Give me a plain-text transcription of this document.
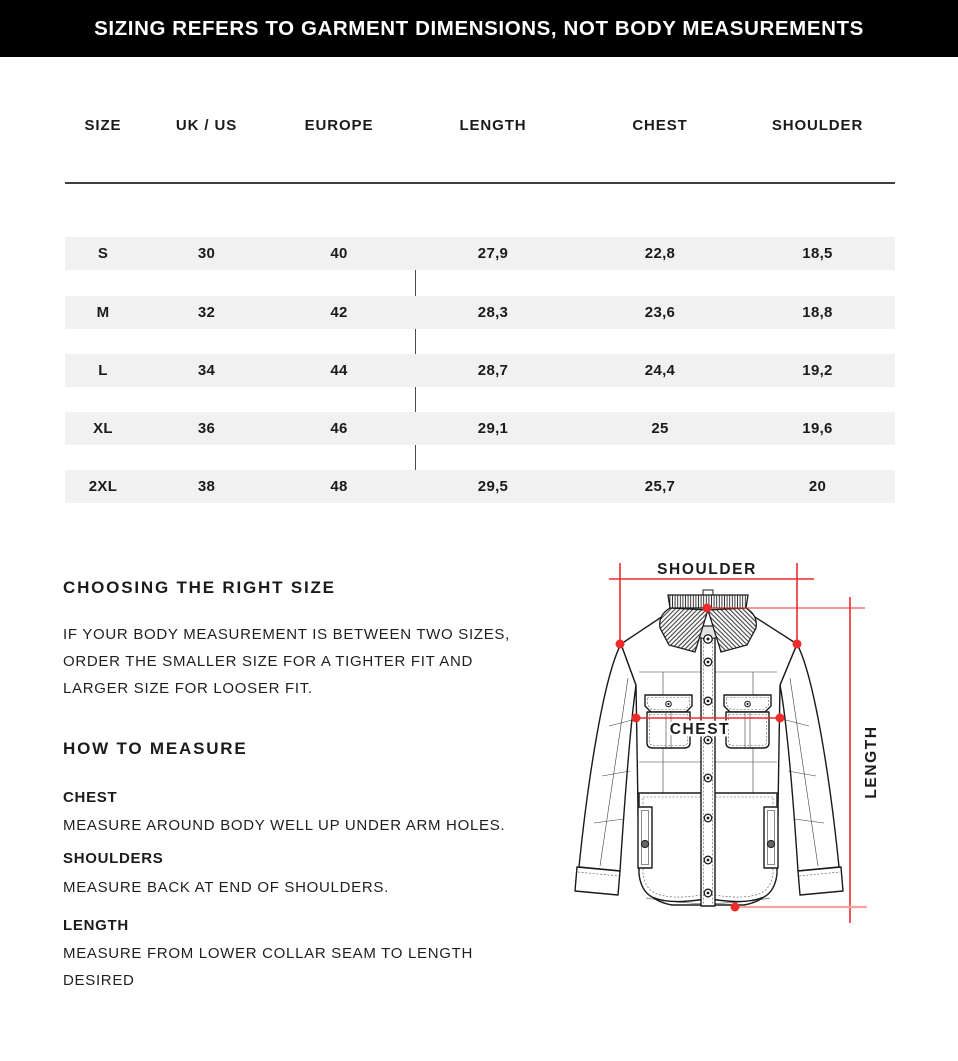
SIZING REFERS TO GARMENT DIMENSIONS, NOT BODY MEASUREMENTS
SIZE	UK / US	EUROPE	LENGTH	CHEST	SHOULDER
S	30	40	27,9	22,8	18,5
M	32	42	28,3	23,6	18,8
L	34	44	28,7	24,4	19,2
XL	36	46	29,1	25	19,6
2XL	38	48	29,5	25,7	20
CHOOSING THE RIGHT SIZE
IF YOUR BODY MEASUREMENT IS BETWEEN TWO SIZES,
ORDER THE SMALLER SIZE FOR A TIGHTER FIT AND
LARGER SIZE FOR LOOSER FIT.
HOW TO MEASURE
CHEST
MEASURE AROUND BODY WELL UP UNDER ARM HOLES.
SHOULDERS
MEASURE BACK AT END OF SHOULDERS.
LENGTH
MEASURE FROM LOWER COLLAR SEAM TO LENGTH
DESIRED
SHOULDER
CHEST	LENGTH
